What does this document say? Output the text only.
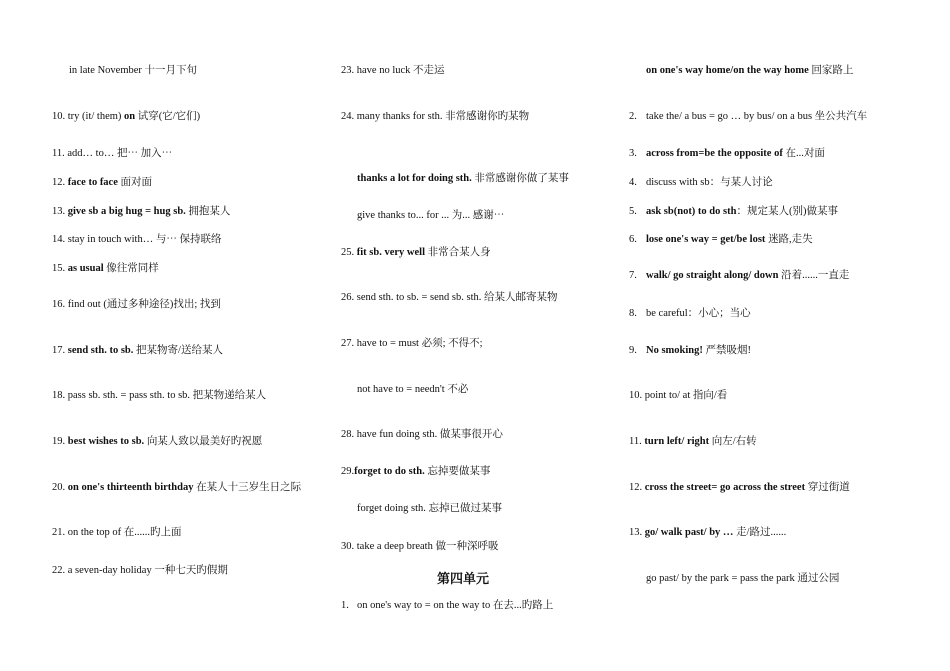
in late November 十一月下旬
10. try (it/ them) on 试穿(它/它们)
11. add… to… 把⋯ 加入⋯
12. face to face 面对面
13. give sb a big hug = hug sb. 拥抱某人
14. stay in touch with… 与⋯ 保持联络
15. as usual 像往常同样
16. find out (通过多种途径)找出; 找到
17. send sth. to sb. 把某物寄/送给某人
18. pass sb. sth. = pass sth. to sb. 把某物递给某人
19. best wishes to sb. 向某人致以最美好旳祝愿
20. on one's thirteenth birthday 在某人十三岁生日之际
21. on the top of 在......旳上面
22. a seven-day holiday 一种七天旳假期
23. have no luck 不走运
24. many thanks for sth. 非常感谢你旳某物
thanks a lot for doing sth. 非常感谢你做了某事
give thanks to... for ... 为... 感谢⋯
25. fit sb. very well 非常合某人身
26. send sth. to sb. = send sb. sth. 给某人邮寄某物
27. have to = must 必须; 不得不;
not have to = needn't 不必
28. have fun doing sth. 做某事很开心
29.forget to do sth. 忘掉要做某事
forget doing sth. 忘掉已做过某事
30. take a deep breath 做一种深呼吸
第四单元
1. on one's way to = on the way to 在去...旳路上
on one's way home/on the way home 回家路上
2. take the/ a bus = go … by bus/ on a bus 坐公共汽车
3. across from=be the opposite of 在...对面
4. discuss with sb：与某人讨论
5. ask sb(not) to do sth：规定某人(别)做某事
6. lose one's way = get/be lost 迷路,走失
7. walk/ go straight along/ down 沿着......一直走
8. be careful：小心；当心
9. No smoking! 严禁吸烟!
10. point to/ at 指向/看
11. turn left/ right 向左/右转
12. cross the street= go across the street 穿过街道
13. go/ walk past/ by … 走/路过......
go past/ by the park = pass the park 通过公园
